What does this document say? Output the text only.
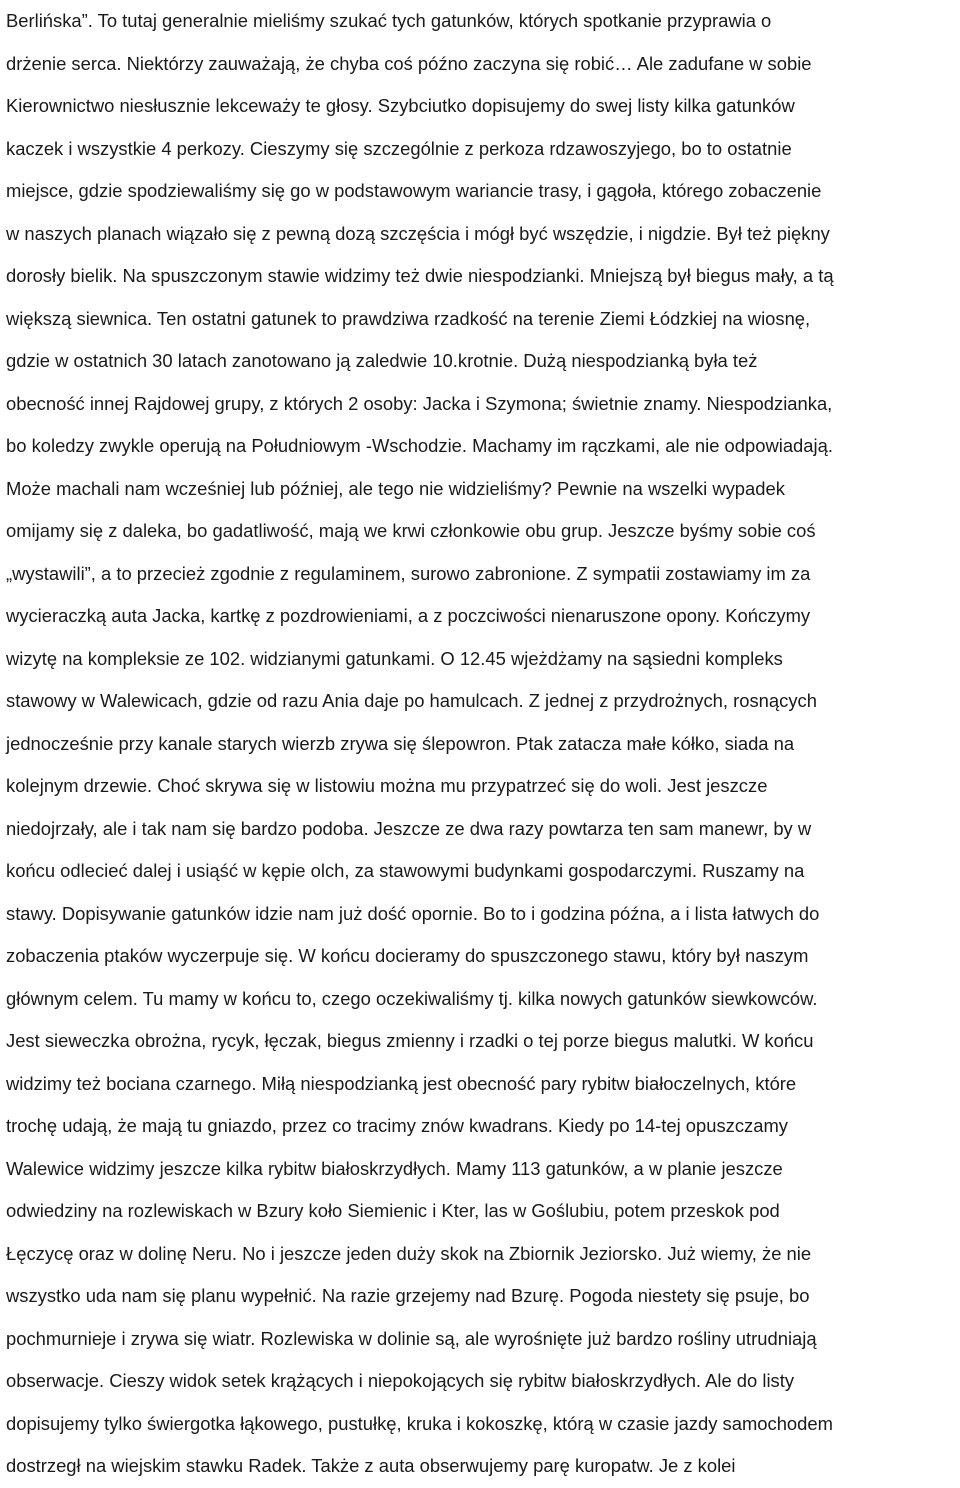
Berlińska”. To tutaj generalnie mieliśmy szukać tych gatunków, których spotkanie przyprawia o
drżenie serca. Niektórzy zauważają, że chyba coś późno zaczyna się robić… Ale zadufane w sobie
Kierownictwo niesłusznie lekceważy te głosy. Szybciutko dopisujemy do swej listy kilka gatunków
kaczek i wszystkie 4 perkozy. Cieszymy się szczególnie z perkoza rdzawoszyjego, bo to ostatnie
miejsce, gdzie spodziewaliśmy się go w podstawowym wariancie trasy, i gągoła, którego zobaczenie
w naszych planach wiązało się z pewną dozą szczęścia i mógł być wszędzie, i nigdzie. Był też piękny
dorosły bielik. Na spuszczonym stawie widzimy też dwie niespodzianki. Mniejszą był biegus mały, a tą
większą siewnica. Ten ostatni gatunek to prawdziwa rzadkość na terenie Ziemi Łódzkiej na wiosnę,
gdzie w ostatnich 30 latach zanotowano ją zaledwie 10.krotnie. Dużą niespodzianką była też
obecność innej Rajdowej grupy, z których 2 osoby: Jacka i Szymona; świetnie znamy. Niespodzianka,
bo koledzy zwykle operują na Południowym -Wschodzie. Machamy im rączkami, ale nie odpowiadają.
Może machali nam wcześniej lub później, ale tego nie widzieliśmy? Pewnie na wszelki wypadek
omijamy się z daleka, bo gadatliwość, mają we krwi członkowie obu grup. Jeszcze byśmy sobie coś
„wystawili”, a to przecież zgodnie z regulaminem, surowo zabronione. Z sympatii zostawiamy im za
wycieraczką auta Jacka, kartkę z pozdrowieniami, a z poczciwości nienaruszone opony. Kończymy
wizytę na kompleksie ze 102. widzianymi gatunkami. O 12.45 wjeżdżamy na sąsiedni kompleks
stawowy w Walewicach, gdzie od razu Ania daje po hamulcach. Z jednej z przydrożnych, rosnących
jednocześnie przy kanale starych wierzb zrywa się ślepowron. Ptak zatacza małe kółko, siada na
kolejnym drzewie. Choć skrywa się w listowiu można mu przypatrzeć się do woli. Jest jeszcze
niedojrzały, ale i tak nam się bardzo podoba. Jeszcze ze dwa razy powtarza ten sam manewr, by w
końcu odlecieć dalej i usiąść w kępie olch, za stawowymi budynkami gospodarczymi. Ruszamy na
stawy. Dopisywanie gatunków idzie nam już dość opornie. Bo to i godzina późna, a i lista łatwych do
zobaczenia ptaków wyczerpuje się. W końcu docieramy do spuszczonego stawu, który był naszym
głównym celem. Tu mamy w końcu to, czego oczekiwaliśmy tj. kilka nowych gatunków siewkowców.
Jest sieweczka obrożna, rycyk, łęczak, biegus zmienny i rzadki o tej porze biegus malutki. W końcu
widzimy też bociana czarnego. Miłą niespodzianką jest obecność pary rybitw białoczelnych, które
trochę udają, że mają tu gniazdo, przez co tracimy znów kwadrans. Kiedy po 14-tej opuszczamy
Walewice widzimy jeszcze kilka rybitw białoskrzydłych. Mamy 113 gatunków, a w planie jeszcze
odwiedziny na rozlewiskach w Bzury koło Siemienic i Kter, las w Goślubiu, potem przeskok pod
Łęczycę oraz w dolinę Neru. No i jeszcze jeden duży skok na Zbiornik Jeziorsko. Już wiemy, że nie
wszystko uda nam się planu wypełnić. Na razie grzejemy nad Bzurę. Pogoda niestety się psuje, bo
pochmurnieje i zrywa się wiatr. Rozlewiska w dolinie są, ale wyrośnięte już bardzo rośliny utrudniają
obserwacje. Cieszy widok setek krążących i niepokojących się rybitw białoskrzydłych. Ale do listy
dopisujemy tylko świergotka łąkowego, pustułkę, kruka i kokoszkę, którą w czasie jazdy samochodem
dostrzegł na wiejskim stawku Radek. Także z auta obserwujemy parę kuropatw. Je z kolei
